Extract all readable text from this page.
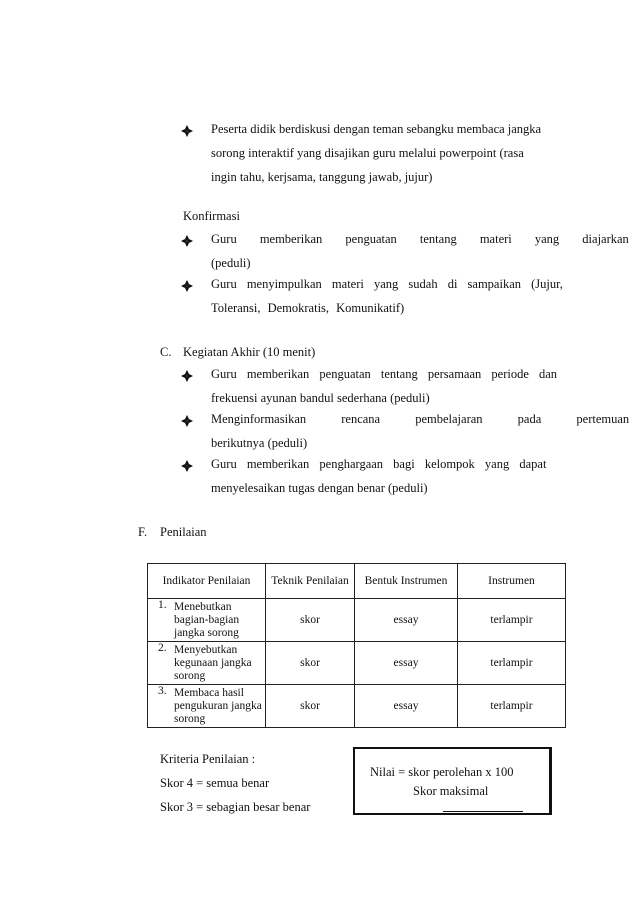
Peserta didik berdiskusi dengan teman sebangku membaca jangka
sorong interaktif yang disajikan guru melalui powerpoint (rasa
ingin tahu, kerjsama, tanggung jawab, jujur)
Konfirmasi
Guru memberikan penguatan tentang materi yang diajarkan
(peduli)
Guru menyimpulkan materi yang sudah di sampaikan (Jujur,
Toleransi, Demokratis, Komunikatif)
C. Kegiatan Akhir (10 menit)
Guru memberikan penguatan tentang persamaan periode dan
frekuensi ayunan bandul sederhana (peduli)
Menginformasikan rencana pembelajaran pada pertemuan
berikutnya (peduli)
Guru memberikan penghargaan bagi kelompok yang dapat
menyelesaikan tugas dengan benar (peduli)
F. Penilaian
Indikator Penilaian	Teknik Penilaian	Bentuk Instrumen	Instrumen

1. Menebutkan bagian-bagian jangka sorong	skor	essay	terlampir

2. Menyebutkan kegunaan jangka sorong	skor	essay	terlampir

3. Membaca hasil pengukuran jangka sorong	skor	essay	terlampir
Kriteria Penilaian :
Skor 4 = semua benar
Skor 3 = sebagian besar benar
Nilai = skor perolehan x 100
Skor maksimal
